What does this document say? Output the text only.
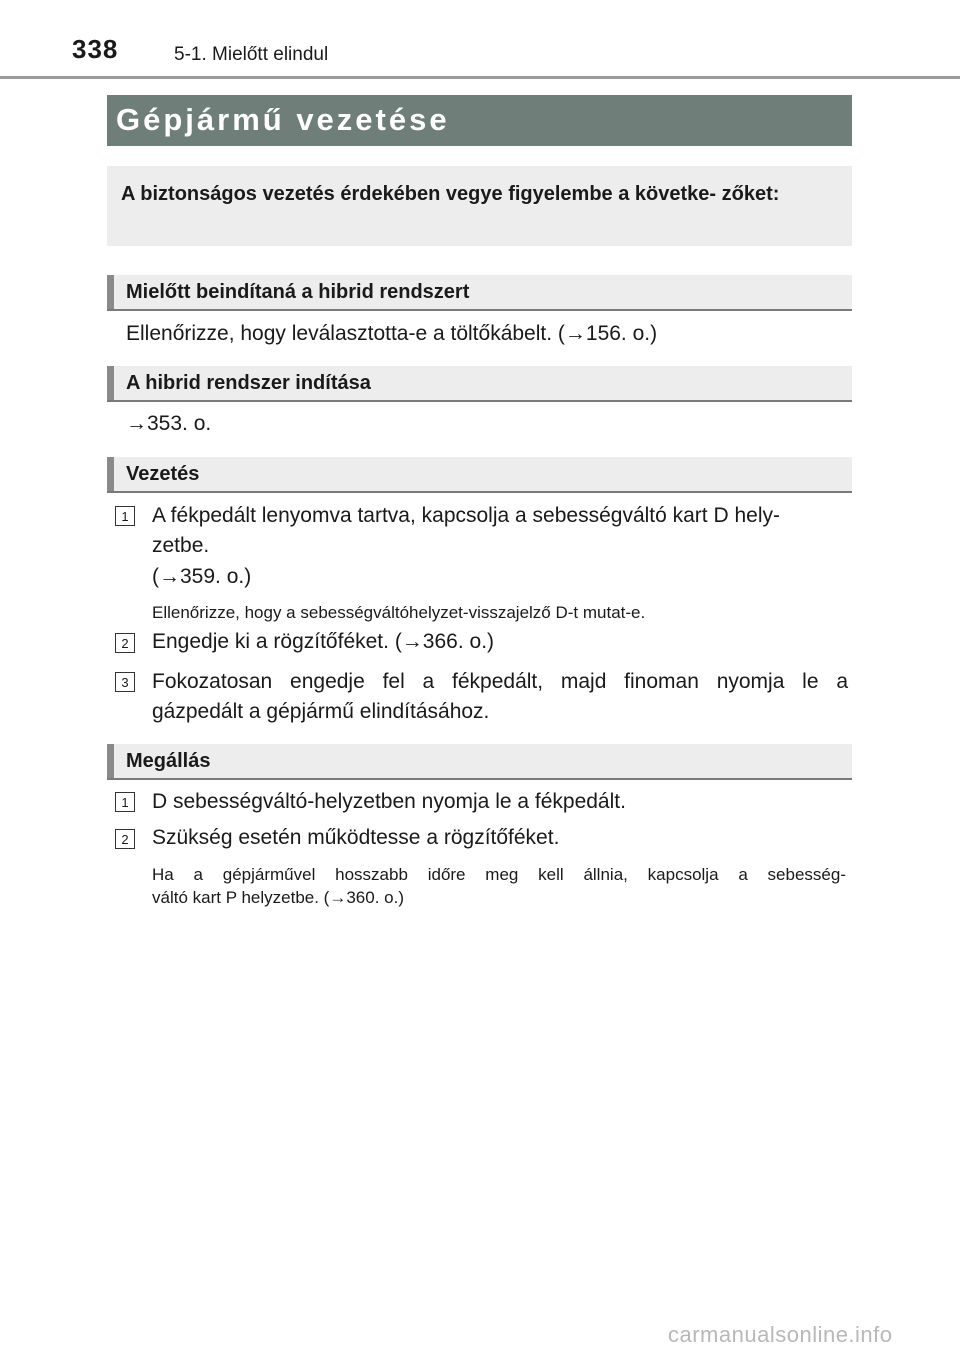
338	5-1. Mielőtt elindul
Gépjármű vezetése
A biztonságos vezetés érdekében vegye figyelembe a követke- zőket:
Mielőtt beindítaná a hibrid rendszert
Ellenőrizze, hogy leválasztotta-e a töltőkábelt. (→156. o.)
A hibrid rendszer indítása
→353. o.
Vezetés
1	A fékpedált lenyomva tartva, kapcsolja a sebességváltó kart D hely-
zetbe.
(→359. o.)
Ellenőrizze, hogy a sebességváltóhelyzet-visszajelző D-t mutat-e.
2	Engedje ki a rögzítőféket. (→366. o.)
3	Fokozatosan engedje fel a fékpedált, majd finoman nyomja le a
gázpedált a gépjármű elindításához.
Megállás
1	D sebességváltó-helyzetben nyomja le a fékpedált.
2	Szükség esetén működtesse a rögzítőféket.
Ha a gépjárművel hosszabb időre meg kell állnia, kapcsolja a sebesség-
váltó kart P helyzetbe. (→360. o.)
carmanualsonline.info
